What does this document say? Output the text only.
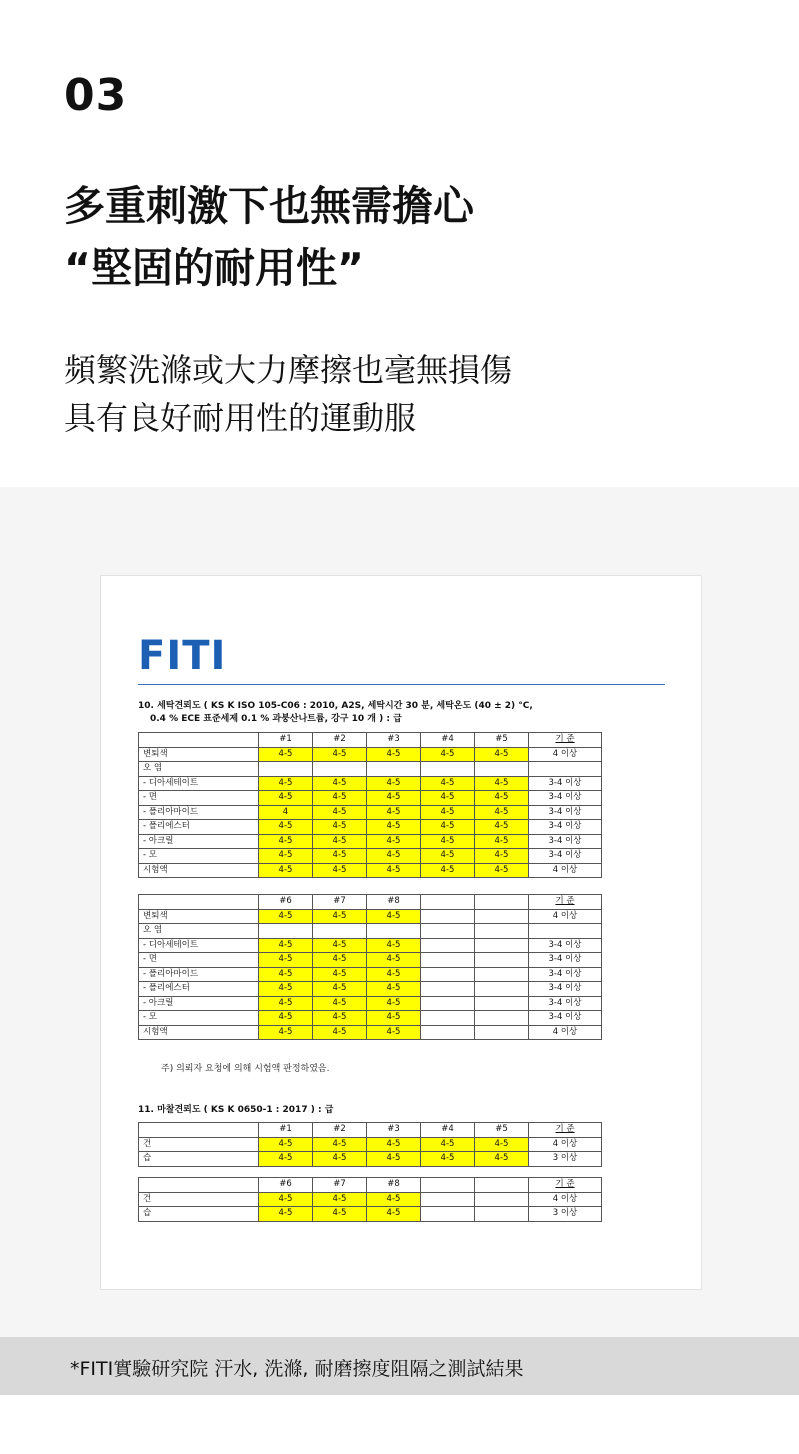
03
多重刺激下也無需擔心
“堅固的耐用性”
頻繁洗滌或大力摩擦也毫無損傷
具有良好耐用性的運動服
FITI
10. 세탁견뢰도 ( KS K ISO 105-C06 : 2010, A2S, 세탁시간 30 분, 세탁온도 (40 ± 2) °C,
0.4 % ECE 표준세제 0.1 % 과붕산나트륨, 강구 10 개 ) : 급
	#1	#2	#3	#4	#5	기 준
변퇴색	4-5	4-5	4-5	4-5	4-5	4 이상
오 염						
- 디아세테이트	4-5	4-5	4-5	4-5	4-5	3-4 이상
- 면	4-5	4-5	4-5	4-5	4-5	3-4 이상
- 폴리아마이드	4	4-5	4-5	4-5	4-5	3-4 이상
- 폴리에스터	4-5	4-5	4-5	4-5	4-5	3-4 이상
- 아크릴	4-5	4-5	4-5	4-5	4-5	3-4 이상
- 모	4-5	4-5	4-5	4-5	4-5	3-4 이상
시험액	4-5	4-5	4-5	4-5	4-5	4 이상
	#6	#7	#8			기 준
변퇴색	4-5	4-5	4-5			4 이상
오 염						
- 디아세테이트	4-5	4-5	4-5			3-4 이상
- 면	4-5	4-5	4-5			3-4 이상
- 폴리아마이드	4-5	4-5	4-5			3-4 이상
- 폴리에스터	4-5	4-5	4-5			3-4 이상
- 아크릴	4-5	4-5	4-5			3-4 이상
- 모	4-5	4-5	4-5			3-4 이상
시험액	4-5	4-5	4-5			4 이상
주) 의뢰자 요청에 의해 시험액 판정하였음.
11. 마찰견뢰도 ( KS K 0650-1 : 2017 ) : 급
	#1	#2	#3	#4	#5	기 준
건	4-5	4-5	4-5	4-5	4-5	4 이상
습	4-5	4-5	4-5	4-5	4-5	3 이상
	#6	#7	#8			기 준
건	4-5	4-5	4-5			4 이상
습	4-5	4-5	4-5			3 이상
*FITI實驗研究院 汗水, 洗滌, 耐磨擦度阻隔之測試結果
